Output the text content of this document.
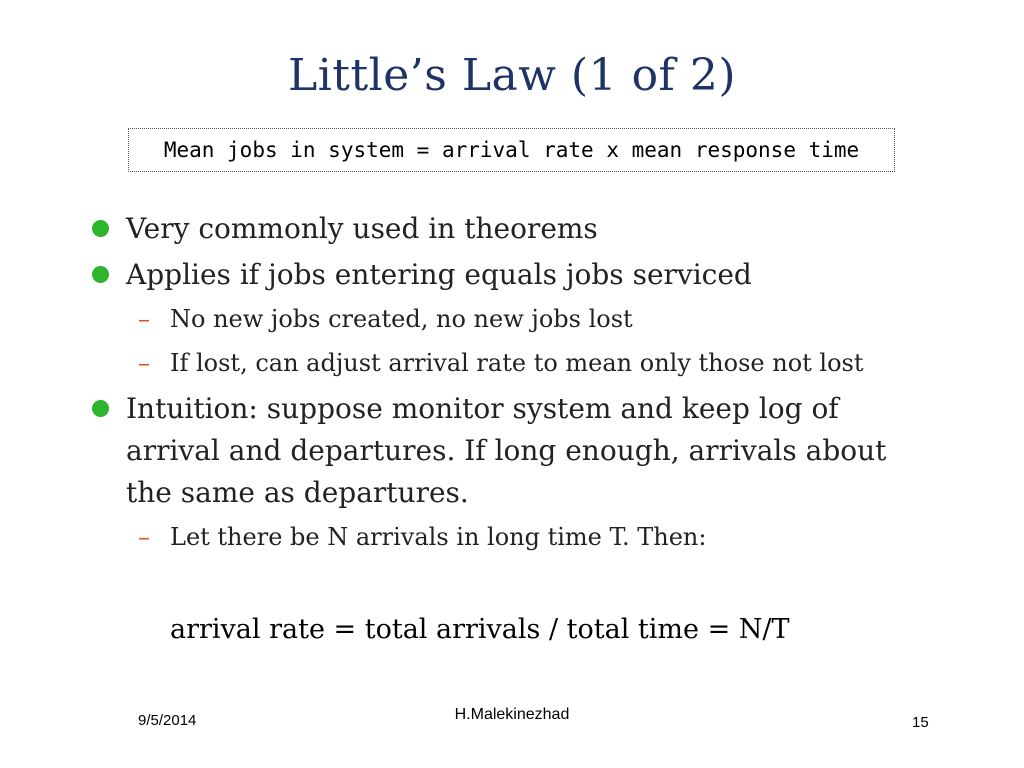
Little’s Law (1 of 2)
Mean jobs in system = arrival rate x mean response time
Very commonly used in theorems
Applies if jobs entering equals jobs serviced
– No new jobs created, no new jobs lost
– If lost, can adjust arrival rate to mean only those not lost
Intuition: suppose monitor system and keep log of arrival and departures. If long enough, arrivals about the same as departures.
– Let there be N arrivals in long time T. Then:
arrival rate = total arrivals / total time = N/T
9/5/2014	H.Malekinezhad	15
